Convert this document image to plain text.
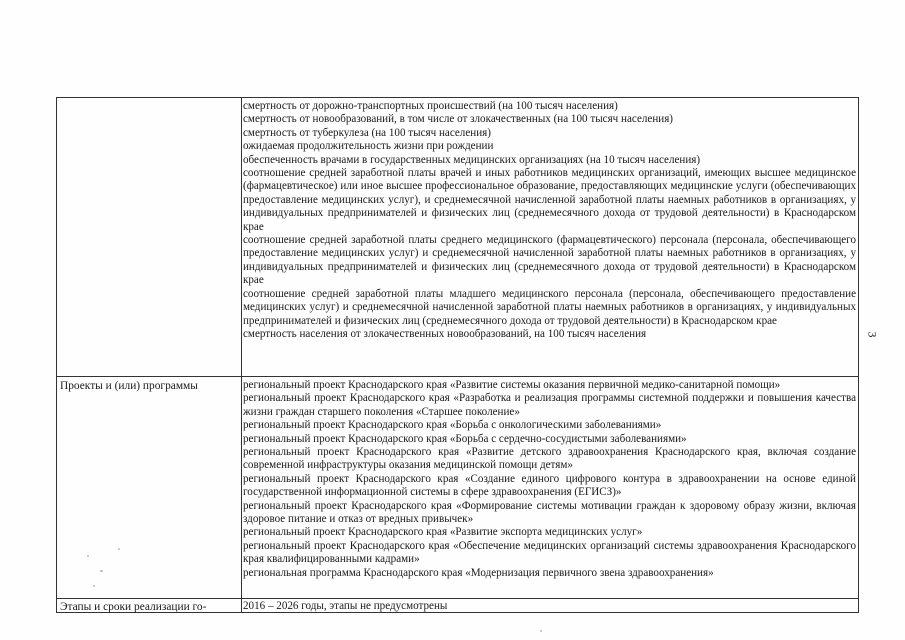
смертность от дорожно-транспортных происшествий (на 100 тысяч населения)
смертность от новообразований, в том числе от злокачественных (на 100 тысяч населения)
смертность от туберкулеза (на 100 тысяч населения)
ожидаемая продолжительность жизни при рождении
обеспеченность врачами в государственных медицинских организациях (на 10 тысяч населения)
соотношение средней заработной платы врачей и иных работников медицинских организаций, имеющих высшее медицинское (фармацевтическое) или иное высшее профессиональное образование, предоставляющих медицинские услуги (обеспечивающих предоставление медицинских услуг), и среднемесячной начисленной заработной платы наемных работников в организациях, у индивидуальных предпринимателей и физических лиц (среднемесячного дохода от трудовой деятельности) в Краснодарском крае
соотношение средней заработной платы среднего медицинского (фармацевтического) персонала (персонала, обеспечивающего предоставление медицинских услуг) и среднемесячной начисленной заработной платы наемных работников в организациях, у индивидуальных предпринимателей и физических лиц (среднемесячного дохода от трудовой деятельности) в Краснодарском крае
соотношение средней заработной платы младшего медицинского персонала (персонала, обеспечивающего предоставление медицинских услуг) и среднемесячной начисленной заработной платы наемных работников в организациях, у индивидуальных предпринимателей и физических лиц (среднемесячного дохода от трудовой деятельности) в Краснодарском крае
смертность населения от злокачественных новообразований, на 100 тысяч населения
Проекты и (или) программы	региональный проект Краснодарского края «Развитие системы оказания первичной медико-санитарной помощи»
региональный проект Краснодарского края «Разработка и реализация программы системной поддержки и повышения качества жизни граждан старшего поколения «Старшее поколение»
региональный проект Краснодарского края «Борьба с онкологическими заболеваниями»
региональный проект Краснодарского края «Борьба с сердечно-сосудистыми заболеваниями»
региональный проект Краснодарского края «Развитие детского здравоохранения Краснодарского края, включая создание современной инфраструктуры оказания медицинской помощи детям»
региональный проект Краснодарского края «Создание единого цифрового контура в здравоохранении на основе единой государственной информационной системы в сфере здравоохранения (ЕГИСЗ)»
региональный проект Краснодарского края «Формирование системы мотивации граждан к здоровому образу жизни, включая здоровое питание и отказ от вредных привычек»
региональный проект Краснодарского края «Развитие экспорта медицинских услуг»
региональный проект Краснодарского края «Обеспечение медицинских организаций системы здравоохранения Краснодарского края квалифицированными кадрами»
региональная программа Краснодарского края «Модернизация первичного звена здравоохранения»
Этапы и сроки реализации го-	2016 – 2026 годы, этапы не предусмотрены
3
